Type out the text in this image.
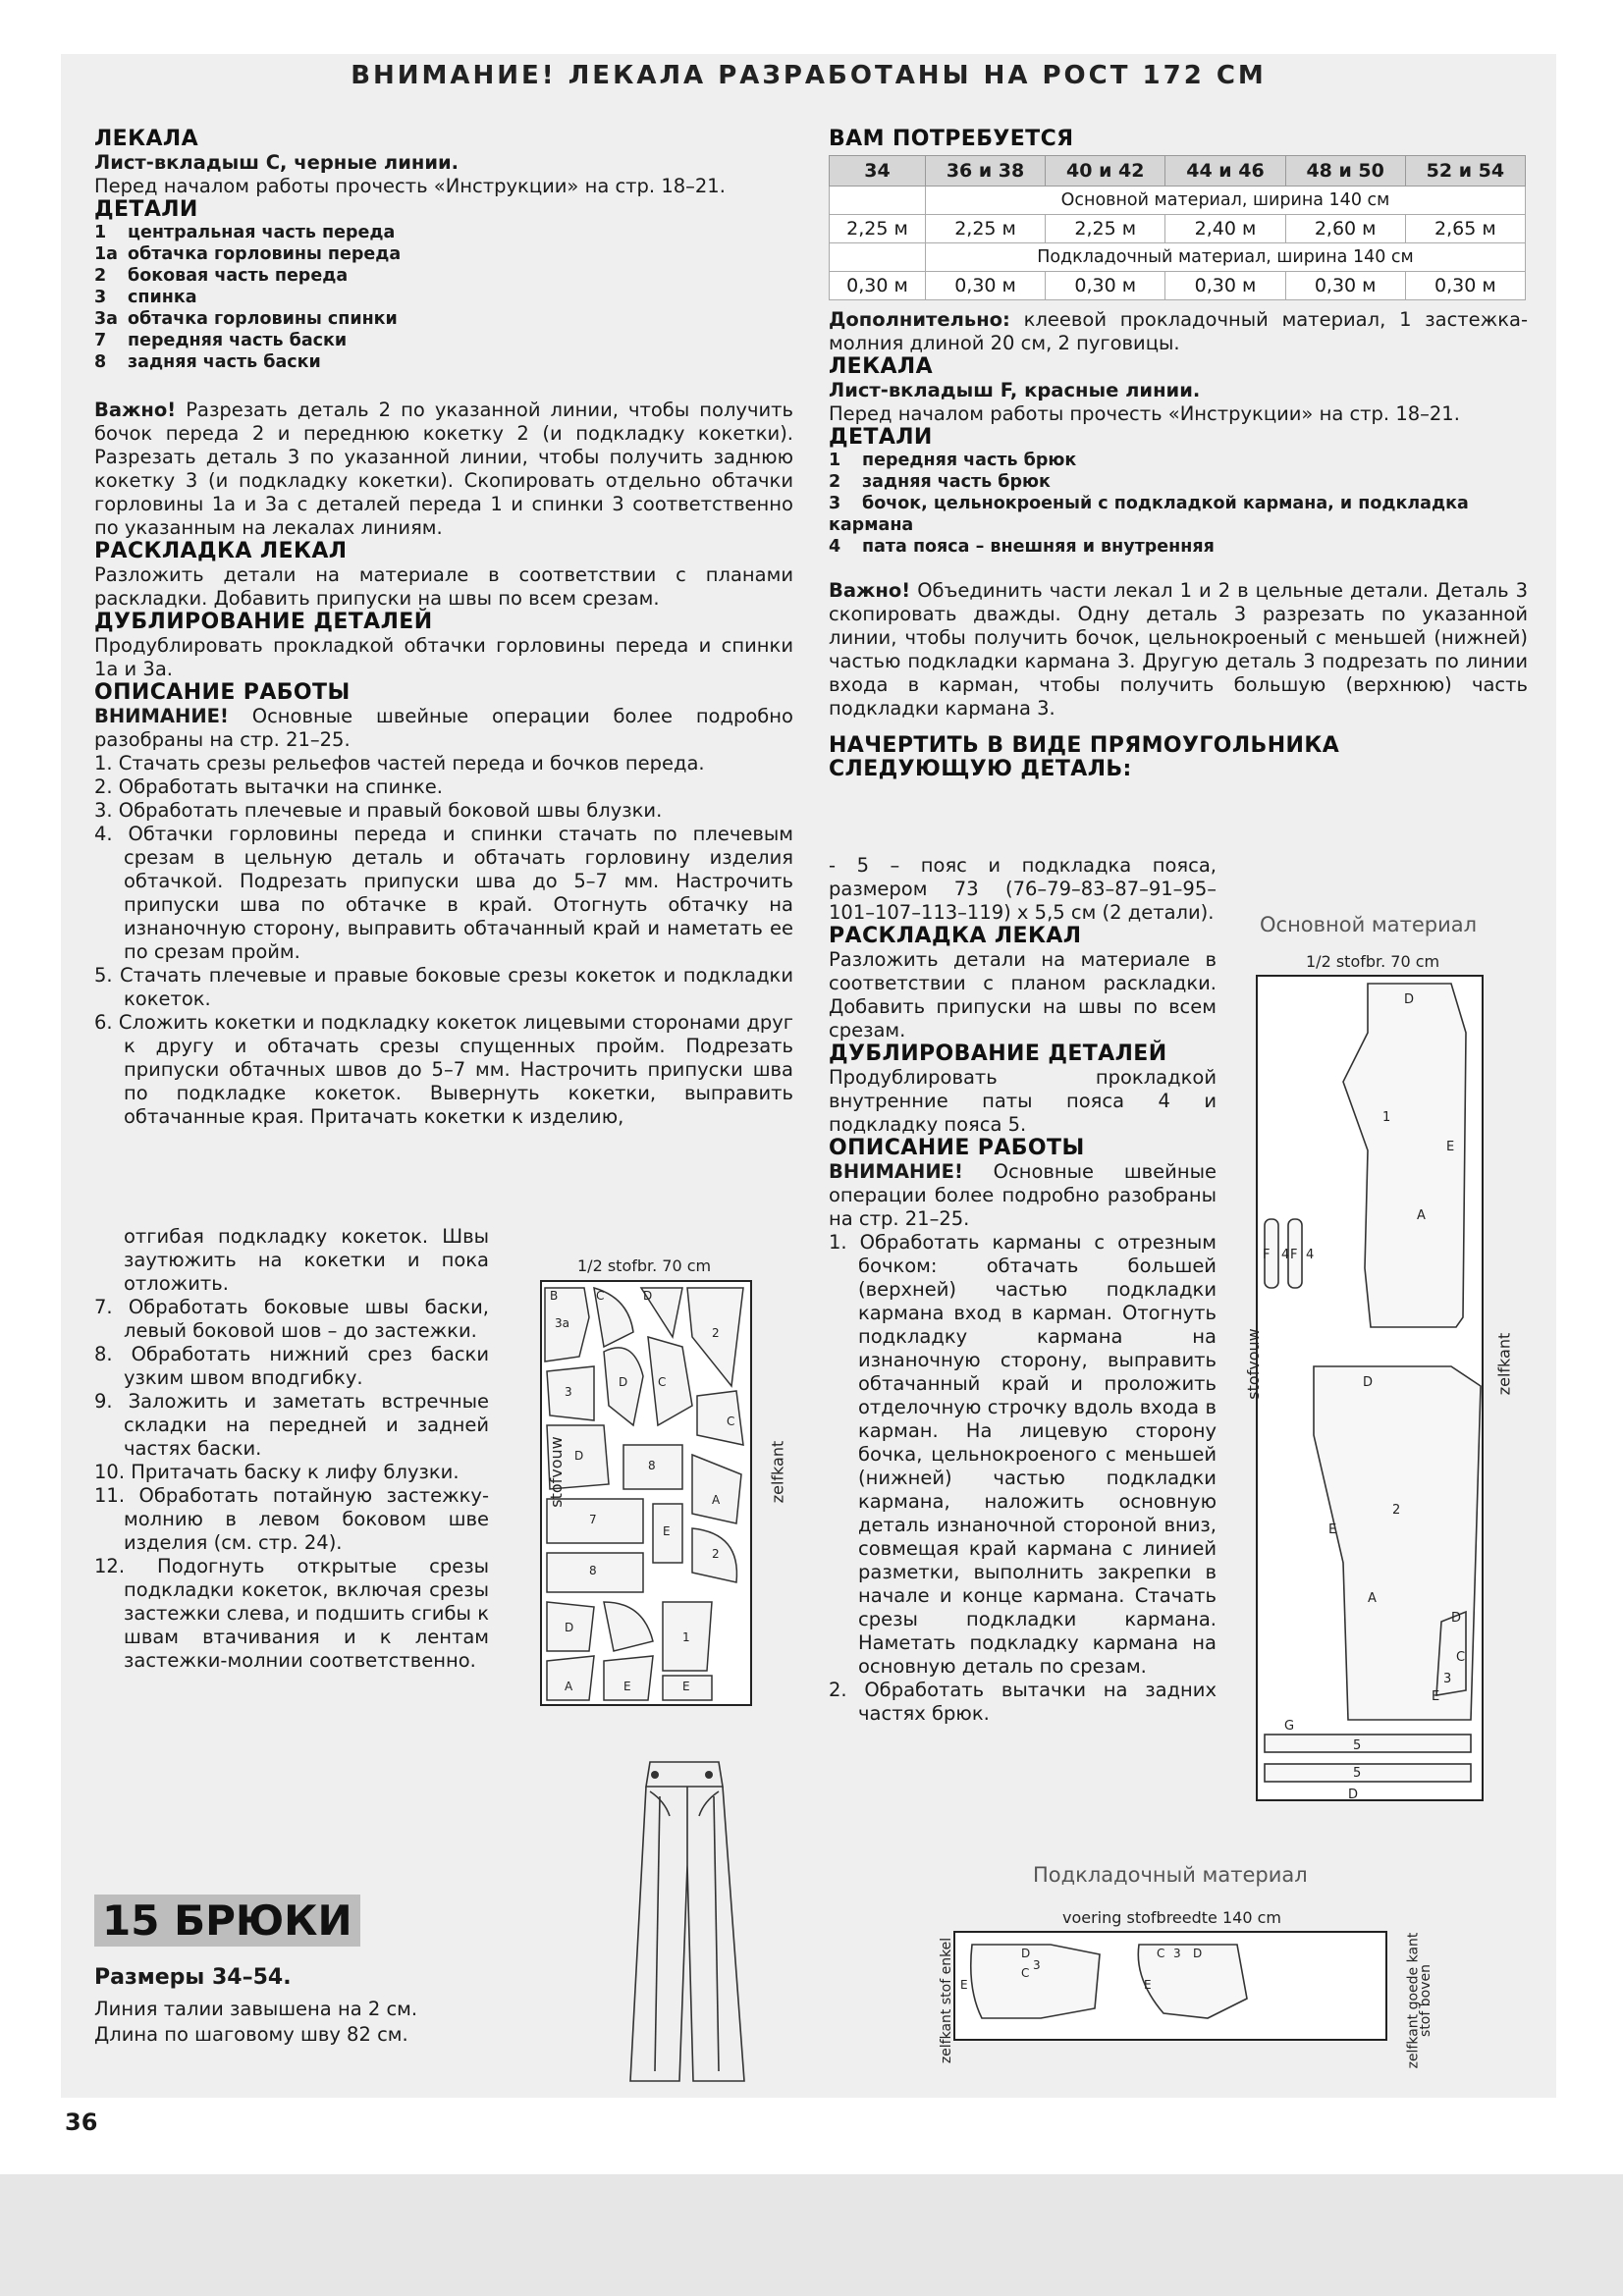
ВНИМАНИЕ! ЛЕКАЛА РАЗРАБОТАНЫ НА РОСТ 172 СМ

ЛЕКАЛА

Лист-вкладыш C, черные линии.

Перед началом работы прочесть «Инструкции» на стр. 18–21.

ДЕТАЛИ

1 центральная часть переда

1а обтачка горловины переда

2 боковая часть переда

3 спинка

3а обтачка горловины спинки

7 передняя часть баски

8 задняя часть баски

Важно! Разрезать деталь 2 по указанной линии, чтобы получить бочок переда 2 и переднюю кокетку 2 (и подкладку кокетки). Разрезать деталь 3 по указанной линии, чтобы получить заднюю кокетку 3 (и подкладку кокетки). Скопировать отдельно обтачки горловины 1а и 3а с деталей переда 1 и спинки 3 соответственно по указанным на лекалах линиям.

РАСКЛАДКА ЛЕКАЛ

Разложить детали на материале в соответствии с планами раскладки. Добавить припуски на швы по всем срезам.

ДУБЛИРОВАНИЕ ДЕТАЛЕЙ

Продублировать прокладкой обтачки горловины переда и спинки 1а и 3а.

ОПИСАНИЕ РАБОТЫ

ВНИМАНИЕ! Основные швейные операции более подробно разобраны на стр. 21–25.

1. Стачать срезы рельефов частей переда и бочков переда.

2. Обработать вытачки на спинке.

3. Обработать плечевые и правый боковой швы блузки.

4. Обтачки горловины переда и спинки стачать по плечевым срезам в цельную деталь и обтачать горловину изделия обтачкой. Подрезать припуски шва до 5–7 мм. Настрочить припуски шва по обтачке в край. Отогнуть обтачку на изнаночную сторону, выправить обтачанный край и наметать ее по срезам пройм.

5. Стачать плечевые и правые боковые срезы кокеток и подкладки кокеток.

6. Сложить кокетки и подкладку кокеток лицевыми сторонами друг к другу и обтачать срезы спущенных пройм. Подрезать припуски обтачных швов до 5–7 мм. Настрочить припуски шва по подкладке кокеток. Вывернуть кокетки, выправить обтачанные края. Притачать кокетки к изделию,

отгибая подкладку кокеток. Швы заутюжить на кокетки и пока отложить.

7. Обработать боковые швы баски, левый боковой шов – до застежки.

8. Обработать нижний срез баски узким швом вподгибку.

9. Заложить и заметать встречные складки на передней и задней частях баски.

10. Притачать баску к лифу блузки.

11. Обработать потайную застежку-молнию в левом боковом шве изделия (см. стр. 24).

12. Подогнуть открытые срезы подкладки кокеток, включая срезы застежки слева, и подшить сгибы к швам втачивания и к лентам застежки-молнии соответственно.

1/2 stofbr. 70 cm
B	C
3a
D
2
C
D
3
C
D
8
A
7
E
2
8
D
1
A	E	E
stofvouw	zelfkant
15 БРЮКИ
Размеры 34–54.
Линия талии завышена на 2 см.
Длина по шаговому шву 82 см.
36

ВАМ ПОТРЕБУЕТСЯ

34	36 и 38	40 и 42	44 и 46	48 и 50	52 и 54
	Основной материал, ширина 140 см				
2,25 м	2,25 м	2,25 м	2,40 м	2,60 м	2,65 м
	Подкладочный материал, ширина 140 см				
0,30 м	0,30 м	0,30 м	0,30 м	0,30 м	0,30 м

Дополнительно: клеевой прокладочный материал, 1 застежка-молния длиной 20 см, 2 пуговицы.

ЛЕКАЛА

Лист-вкладыш F, красные линии.

Перед началом работы прочесть «Инструкции» на стр. 18–21.

ДЕТАЛИ

1 передняя часть брюк

2 задняя часть брюк

3 бочок, цельнокроеный с подкладкой кармана, и подкладка кармана

4 пата пояса – внешняя и внутренняя

Важно! Объединить части лекал 1 и 2 в цельные детали. Деталь 3 скопировать дважды. Одну деталь 3 разрезать по указанной линии, чтобы получить бочок, цельнокроеный с меньшей (нижней) частью подкладки кармана 3. Другую деталь 3 подрезать по линии входа в карман, чтобы получить большую (верхнюю) часть подкладки кармана 3.

НАЧЕРТИТЬ В ВИДЕ ПРЯМОУГОЛЬНИКА СЛЕДУЮЩУЮ ДЕТАЛЬ:

- 5 – пояс и подкладка пояса, размером 73 (76–79–83–87–91–95–101–107–113–119) х 5,5 см (2 детали).

РАСКЛАДКА ЛЕКАЛ

Разложить детали на материале в соответствии с планом раскладки. Добавить припуски на швы по всем срезам.

ДУБЛИРОВАНИЕ ДЕТАЛЕЙ

Продублировать прокладкой внутренние паты пояса 4 и подкладку пояса 5.

ОПИСАНИЕ РАБОТЫ

ВНИМАНИЕ! Основные швейные операции более подробно разобраны на стр. 21–25.

1. Обработать карманы с отрезным бочком: обтачать большей (верхней) частью подкладки кармана вход в карман. Отогнуть подкладку кармана на изнаночную сторону, выправить обтачанный край и проложить отделочную строчку вдоль входа в карман. На лицевую сторону бочка, цельнокроеного с меньшей (нижней) частью подкладки кармана, наложить основную деталь изнаночной стороной вниз, совмещая край кармана с линией разметки, выполнить закрепки в начале и конце кармана. Стачать срезы подкладки кармана. Наметать подкладку кармана на основную деталь по срезам.

2. Обработать вытачки на задних частях брюк.

Основной материал
1/2 stofbr. 70 cm
D
1
E
A
F 4 F 4
D
2
E
A
D
C
3
E
5
5
G
D
stofvouw	zelfkant
Подкладочный материал
voering stofbreedte 140 cm
D
3
C
E
C 3 D
E
zelfkant stof enkel	zelfkant goede kant
stof boven
